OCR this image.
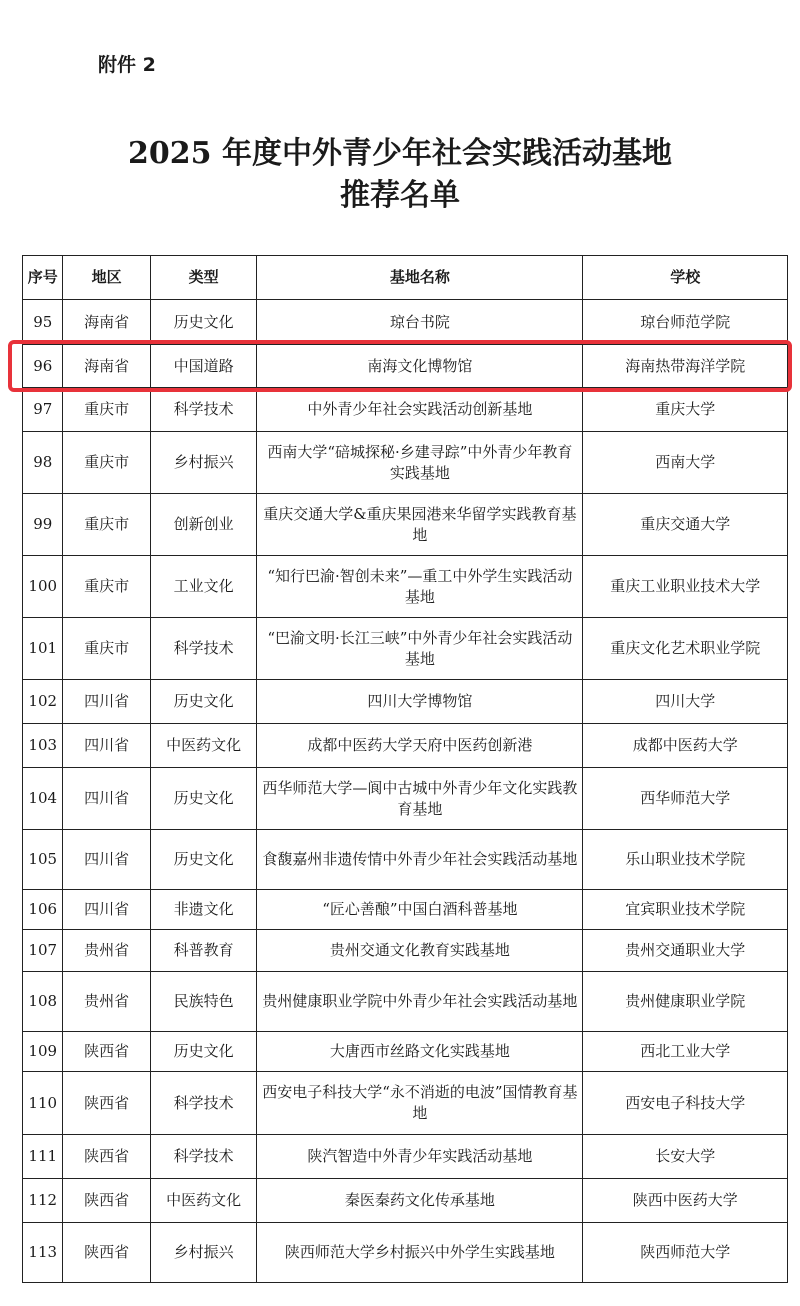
附件 2
2025 年度中外青少年社会实践活动基地
推荐名单
序号	地区	类型	基地名称	学校
95	海南省	历史文化	琼台书院	琼台师范学院
96	海南省	中国道路	南海文化博物馆	海南热带海洋学院
97	重庆市	科学技术	中外青少年社会实践活动创新基地	重庆大学
98	重庆市	乡村振兴	西南大学“碚城探秘·乡建寻踪”中外青少年教育实践基地	西南大学
99	重庆市	创新创业	重庆交通大学&重庆果园港来华留学实践教育基地	重庆交通大学
100	重庆市	工业文化	“知行巴渝·智创未来”—重工中外学生实践活动基地	重庆工业职业技术大学
101	重庆市	科学技术	“巴渝文明·长江三峡”中外青少年社会实践活动基地	重庆文化艺术职业学院
102	四川省	历史文化	四川大学博物馆	四川大学
103	四川省	中医药文化	成都中医药大学天府中医药创新港	成都中医药大学
104	四川省	历史文化	西华师范大学—阆中古城中外青少年文化实践教育基地	西华师范大学
105	四川省	历史文化	食馥嘉州非遗传情中外青少年社会实践活动基地	乐山职业技术学院
106	四川省	非遗文化	“匠心善酿”中国白酒科普基地	宜宾职业技术学院
107	贵州省	科普教育	贵州交通文化教育实践基地	贵州交通职业大学
108	贵州省	民族特色	贵州健康职业学院中外青少年社会实践活动基地	贵州健康职业学院
109	陕西省	历史文化	大唐西市丝路文化实践基地	西北工业大学
110	陕西省	科学技术	西安电子科技大学“永不消逝的电波”国情教育基地	西安电子科技大学
111	陕西省	科学技术	陕汽智造中外青少年实践活动基地	长安大学
112	陕西省	中医药文化	秦医秦药文化传承基地	陕西中医药大学
113	陕西省	乡村振兴	陕西师范大学乡村振兴中外学生实践基地	陕西师范大学
